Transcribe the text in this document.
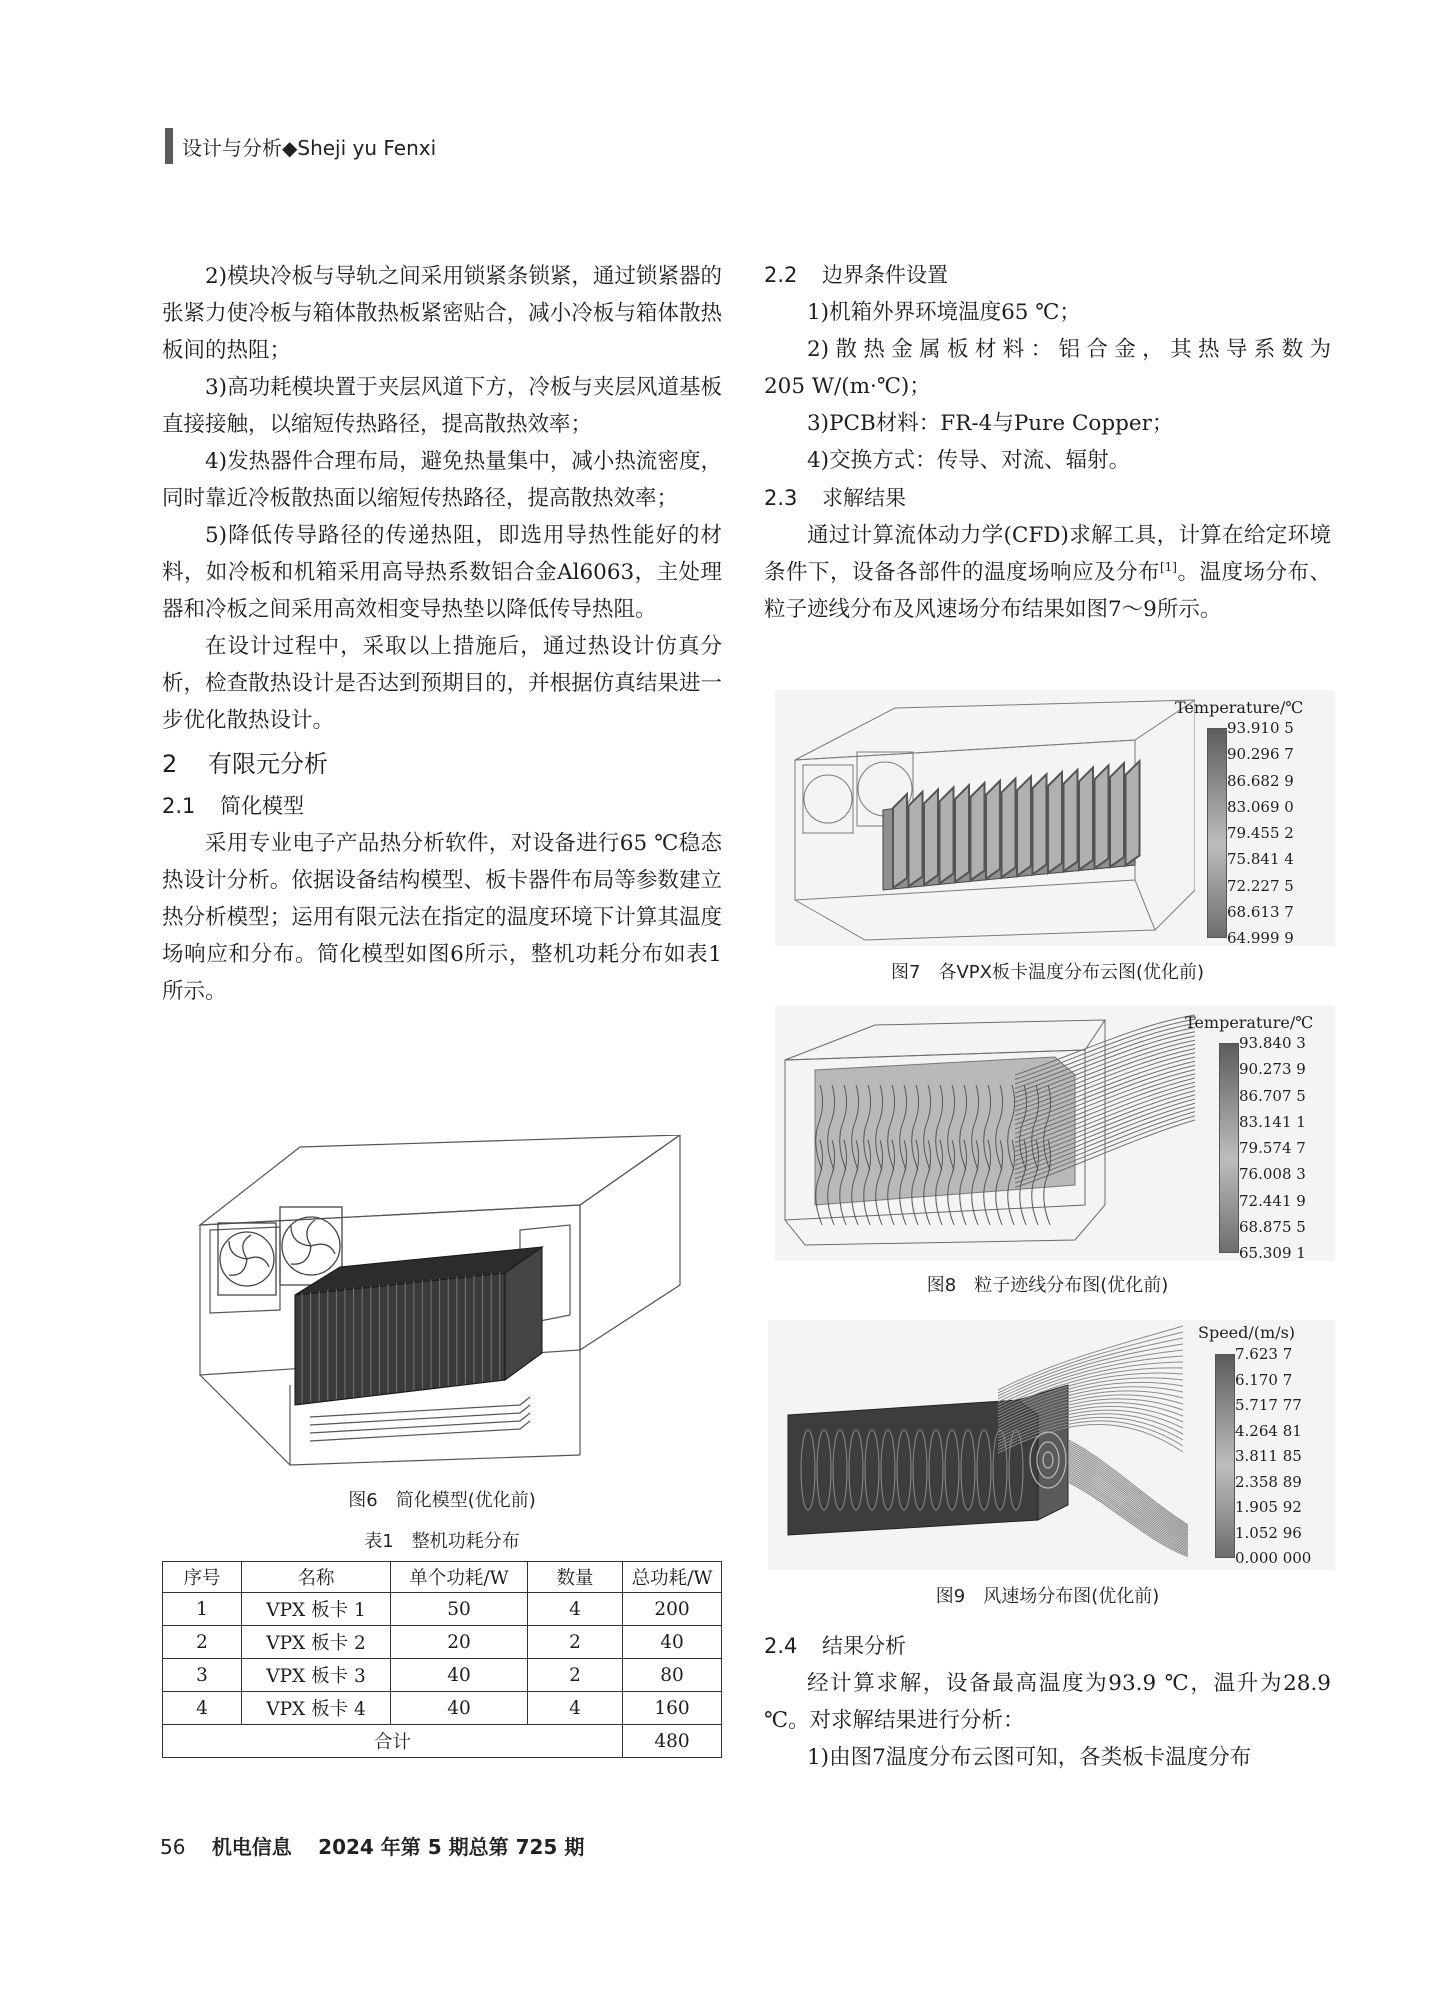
设计与分析◆Sheji yu Fenxi

2)模块冷板与导轨之间采用锁紧条锁紧，通过锁紧器的张紧力使冷板与箱体散热板紧密贴合，减小冷板与箱体散热板间的热阻；

3)高功耗模块置于夹层风道下方，冷板与夹层风道基板直接接触，以缩短传热路径，提高散热效率；

4)发热器件合理布局，避免热量集中，减小热流密度，同时靠近冷板散热面以缩短传热路径，提高散热效率；

5)降低传导路径的传递热阻，即选用导热性能好的材料，如冷板和机箱采用高导热系数铝合金Al6063，主处理器和冷板之间采用高效相变导热垫以降低传导热阻。

在设计过程中，采取以上措施后，通过热设计仿真分析，检查散热设计是否达到预期目的，并根据仿真结果进一步优化散热设计。

2 有限元分析
2.1 简化模型

采用专业电子产品热分析软件，对设备进行65 ℃稳态热设计分析。依据设备结构模型、板卡器件布局等参数建立热分析模型；运用有限元法在指定的温度环境下计算其温度场响应和分布。简化模型如图6所示，整机功耗分布如表1所示。

图6　简化模型(优化前)
表1　整机功耗分布
序号	名称	单个功耗/W	数量	总功耗/W
1	VPX 板卡 1	50	4	200
2	VPX 板卡 2	20	2	40
3	VPX 板卡 3	40	2	80
4	VPX 板卡 4	40	4	160
合计				480
2.2 边界条件设置

1)机箱外界环境温度65 ℃；

2)散热金属板材料：铝合金，其热导系数为

205 W/(m·℃)；

3)PCB材料：FR-4与Pure Copper；

4)交换方式：传导、对流、辐射。

2.3 求解结果

通过计算流体动力学(CFD)求解工具，计算在给定环境条件下，设备各部件的温度场响应及分布[1]。温度场分布、粒子迹线分布及风速场分布结果如图7～9所示。

Temperature/℃
93.910 5
90.296 7
86.682 9
83.069 0
79.455 2
75.841 4
72.227 5
68.613 7
64.999 9
图7　各VPX板卡温度分布云图(优化前)
Temperature/℃
93.840 3
90.273 9
86.707 5
83.141 1
79.574 7
76.008 3
72.441 9
68.875 5
65.309 1
图8　粒子迹线分布图(优化前)
Speed/(m/s)
7.623 7
6.170 7
5.717 77
4.264 81
3.811 85
2.358 89
1.905 92
1.052 96
0.000 000
图9　风速场分布图(优化前)
2.4 结果分析

经计算求解，设备最高温度为93.9 ℃，温升为28.9 ℃。对求解结果进行分析：

1)由图7温度分布云图可知，各类板卡温度分布

56 机电信息 2024 年第 5 期总第 725 期
